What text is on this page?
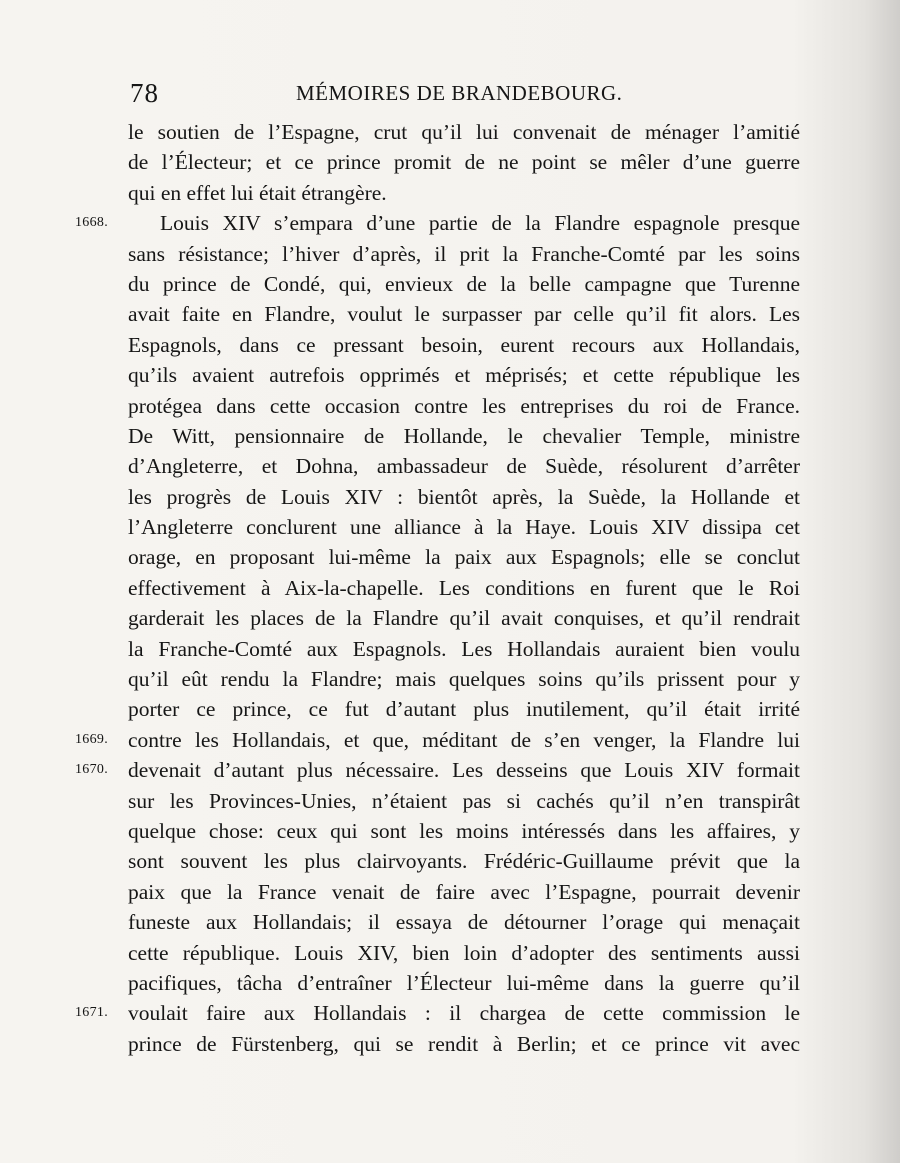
78	MÉMOIRES DE BRANDEBOURG.
le soutien de l’Espagne, crut qu’il lui convenait de ménager l’amitié
de l’Électeur; et ce prince promit de ne point se mêler d’une guerre
qui en effet lui était étrangère.
Louis XIV s’empara d’une partie de la Flandre espagnole presque
1668.
sans résistance; l’hiver d’après, il prit la Franche-Comté par les soins
du prince de Condé, qui, envieux de la belle campagne que Turenne
avait faite en Flandre, voulut le surpasser par celle qu’il fit alors. Les
Espagnols, dans ce pressant besoin, eurent recours aux Hollandais,
qu’ils avaient autrefois opprimés et méprisés; et cette république les
protégea dans cette occasion contre les entreprises du roi de France.
De Witt, pensionnaire de Hollande, le chevalier Temple, ministre
d’Angleterre, et Dohna, ambassadeur de Suède, résolurent d’arrêter
les progrès de Louis XIV : bientôt après, la Suède, la Hollande et
l’Angleterre conclurent une alliance à la Haye. Louis XIV dissipa cet
orage, en proposant lui-même la paix aux Espagnols; elle se conclut
effectivement à Aix-la-chapelle. Les conditions en furent que le Roi
garderait les places de la Flandre qu’il avait conquises, et qu’il rendrait
la Franche-Comté aux Espagnols. Les Hollandais auraient bien voulu
qu’il eût rendu la Flandre; mais quelques soins qu’ils prissent pour y
porter ce prince, ce fut d’autant plus inutilement, qu’il était irrité
contre les Hollandais, et que, méditant de s’en venger, la Flandre lui
1669.
devenait d’autant plus nécessaire. Les desseins que Louis XIV formait
1670.
sur les Provinces-Unies, n’étaient pas si cachés qu’il n’en transpirât
quelque chose: ceux qui sont les moins intéressés dans les affaires, y
sont souvent les plus clairvoyants. Frédéric-Guillaume prévit que la
paix que la France venait de faire avec l’Espagne, pourrait devenir
funeste aux Hollandais; il essaya de détourner l’orage qui menaçait
cette république. Louis XIV, bien loin d’adopter des sentiments aussi
pacifiques, tâcha d’entraîner l’Électeur lui-même dans la guerre qu’il
voulait faire aux Hollandais : il chargea de cette commission le
1671.
prince de Fürstenberg, qui se rendit à Berlin; et ce prince vit avec
